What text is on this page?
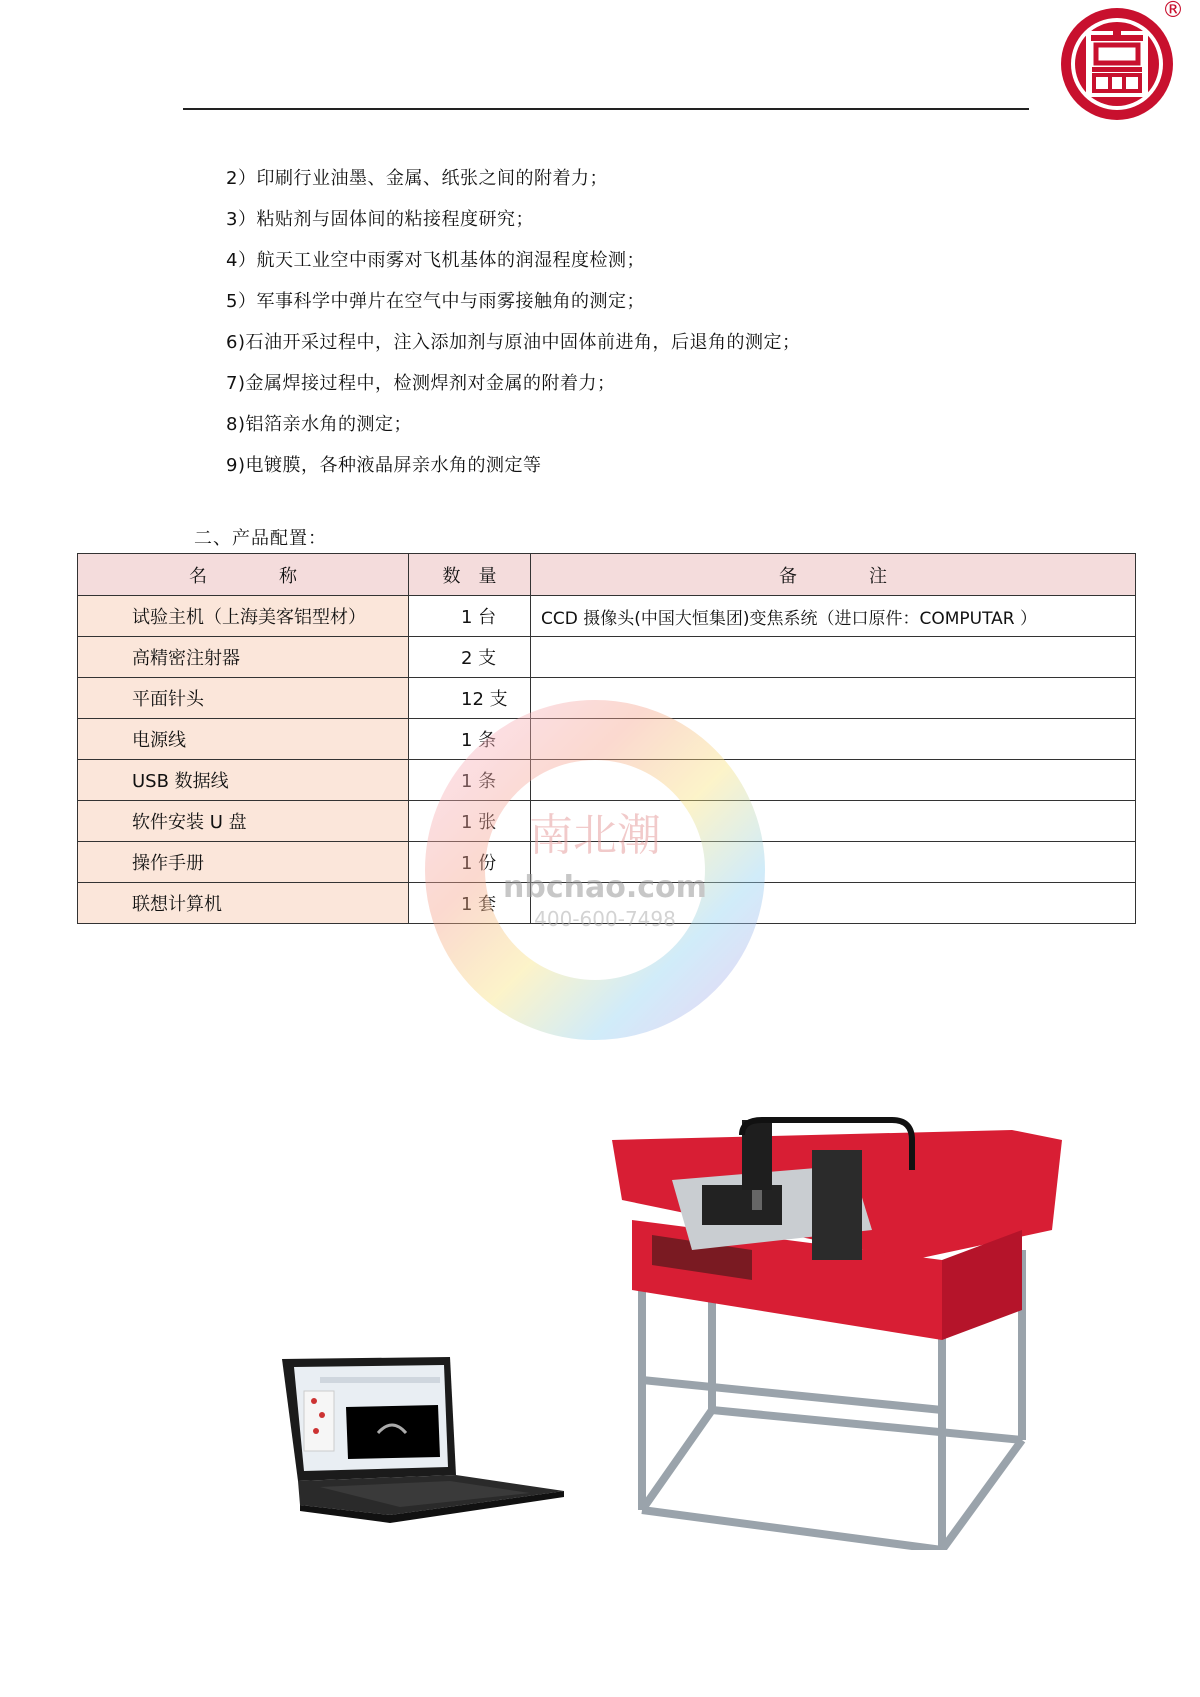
®
2）印刷行业油墨、金属、纸张之间的附着力；
3）粘贴剂与固体间的粘接程度研究；
4）航天工业空中雨雾对飞机基体的润湿程度检测；
5）军事科学中弹片在空气中与雨雾接触角的测定；
6)石油开采过程中，注入添加剂与原油中固体前进角，后退角的测定；
7)金属焊接过程中，检测焊剂对金属的附着力；
8)铝箔亲水角的测定；
9)电镀膜，各种液晶屏亲水角的测定等
二、产品配置：
名　　　　称	数　量	备　　　　注
试验主机（上海美客铝型材）	1 台	CCD 摄像头(中国大恒集团)变焦系统（进口原件：COMPUTAR ）
高精密注射器	2 支	
平面针头	12 支	
电源线	1 条	
USB 数据线	1 条	
软件安装 U 盘	1 张	
操作手册	1 份	
联想计算机	1 套	
南北潮
nbchao.com
400-600-7498
